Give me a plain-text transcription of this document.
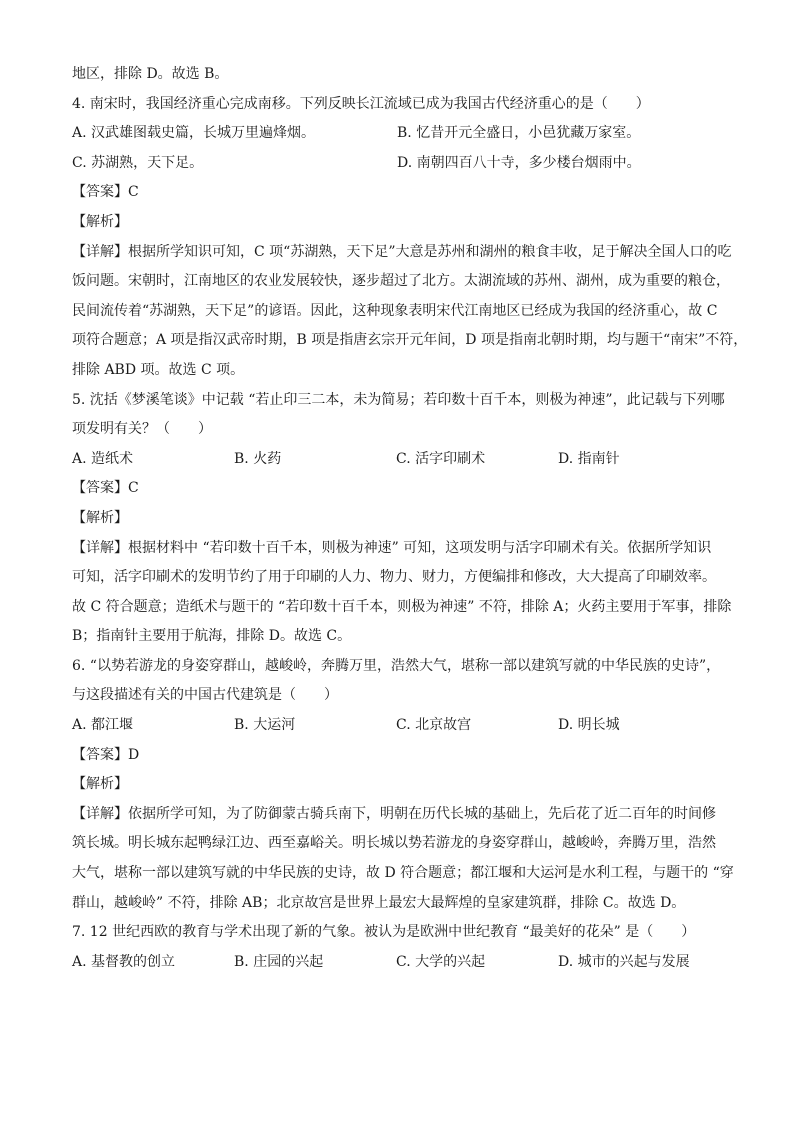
地区，排除 D。故选 B。
4. 南宋时，我国经济重心完成南移。下列反映长江流域已成为我国古代经济重心的是（　　）
A. 汉武雄图载史篇，长城万里遍烽烟。	B. 忆昔开元全盛日，小邑犹藏万家室。
C. 苏湖熟，天下足。	D. 南朝四百八十寺，多少楼台烟雨中。
【答案】C
【解析】
【详解】根据所学知识可知，C 项“苏湖熟，天下足”大意是苏州和湖州的粮食丰收，足于解决全国人口的吃
饭问题。宋朝时，江南地区的农业发展较快，逐步超过了北方。太湖流域的苏州、湖州，成为重要的粮仓，
民间流传着“苏湖熟，天下足”的谚语。因此，这种现象表明宋代江南地区已经成为我国的经济重心，故 C
项符合题意；A 项是指汉武帝时期，B 项是指唐玄宗开元年间，D 项是指南北朝时期，均与题干“南宋”不符，
排除 ABD 项。故选 C 项。
5. 沈括《梦溪笔谈》中记载 “若止印三二本，未为简易；若印数十百千本，则极为神速”，此记载与下列哪
项发明有关？（　　）
A. 造纸术	B. 火药	C. 活字印刷术	D. 指南针
【答案】C
【解析】
【详解】根据材料中 “若印数十百千本，则极为神速” 可知，这项发明与活字印刷术有关。依据所学知识
可知，活字印刷术的发明节约了用于印刷的人力、物力、财力，方便编排和修改，大大提高了印刷效率。
故 C 符合题意；造纸术与题干的 “若印数十百千本，则极为神速” 不符，排除 A；火药主要用于军事，排除
B；指南针主要用于航海，排除 D。故选 C。
6. “以势若游龙的身姿穿群山，越峻岭，奔腾万里，浩然大气，堪称一部以建筑写就的中华民族的史诗”，
与这段描述有关的中国古代建筑是（　　）
A. 都江堰	B. 大运河	C. 北京故宫	D. 明长城
【答案】D
【解析】
【详解】依据所学可知，为了防御蒙古骑兵南下，明朝在历代长城的基础上，先后花了近二百年的时间修
筑长城。明长城东起鸭绿江边、西至嘉峪关。明长城以势若游龙的身姿穿群山，越峻岭，奔腾万里，浩然
大气，堪称一部以建筑写就的中华民族的史诗，故 D 符合题意；都江堰和大运河是水利工程，与题干的 “穿
群山，越峻岭” 不符，排除 AB；北京故宫是世界上最宏大最辉煌的皇家建筑群，排除 C。故选 D。
7. 12 世纪西欧的教育与学术出现了新的气象。被认为是欧洲中世纪教育 “最美好的花朵” 是（　　）
A. 基督教的创立	B. 庄园的兴起	C. 大学的兴起	D. 城市的兴起与发展
